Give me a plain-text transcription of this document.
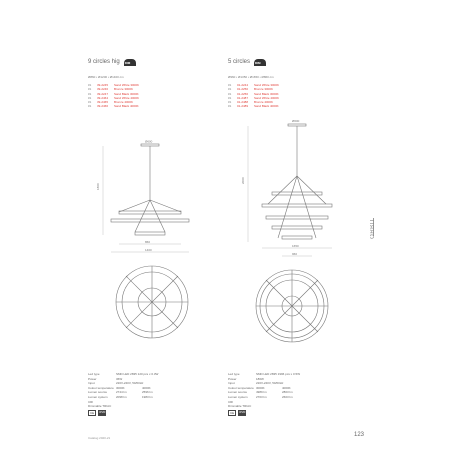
9 circles hig DIM
Ø860 • Ø1200 • Ø1400 cm
#1	39-2245	Sand White 3000K
#1	39-2246	Bronze 3000K
#1	39-2247	Sand Black 3000K
#1	39-2464	Sand White 4000K
#1	39-2465	Bronze 4000K
#1	39-2466	Sand Black 4000K
1800
Ø600
860
1400
5 circles DIM
Ø960 • Ø1350 • Ø1650 • Ø860 cm
#1	01-2244	Sand White 3000K
#1	01-2250	Bronze 3000K
#1	01-2256	Sand Black 3000K
#1	01-2487	Sand White 4000K
#1	01-2488	Bronze 4000K
#1	01-2489	Sand Black 4000K
2000
Ø600
1650
960
Led type	SMD LED 2835 120 pcs x 0.3W
Power	36W
Input	220V-240V, 50/60Hz
Colour temperature 3000K	4000K
Lumen source	2744 lm	2596 lm
Lumen system	2098 lm	1983 lm
CRI
Dimmable TRIAC
CE	IP20
Led type	SMD LED 2835 1996 pcs x 0.5W
Power	186W
Input	220V-240V, 50/60Hz
Colour temperature 3000K	4000K
Lumen source	4989 lm	2803 lm
Lumen system	2703 lm	2603 lm
CRI
Dimmable TRIAC
CE	IP20
ORBIT
Catalog 2020-21	123
